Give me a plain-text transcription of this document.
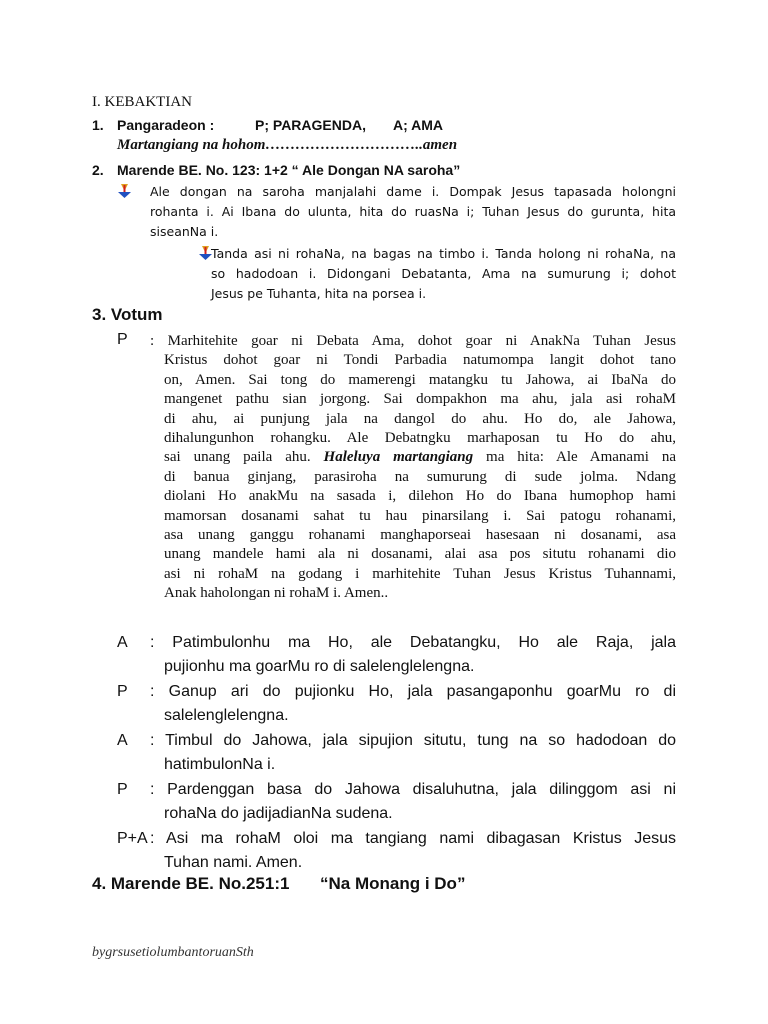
I. KEBAKTIAN
1. Pangaradeon :	P; PARAGENDA, A; AMA
Martangiang na hohom…………………………..amen
2. Marende BE. No. 123: 1+2 “ Ale Dongan NA saroha”

Ale dongan na saroha manjalahi dame i. Dompak Jesus tapasada holongni
rohanta i. Ai Ibana do ulunta, hita do ruasNa i; Tuhan Jesus do gurunta, hita
siseanNa i.
Tanda asi ni rohaNa, na bagas na timbo i. Tanda holong ni rohaNa, na
so hadodoan i. Didongani Debatanta, Ama na sumurung i; dohot
Jesus pe Tuhanta, hita na porsea i.
3. Votum
P : Marhitehite goar ni Debata Ama, dohot goar ni AnakNa Tuhan Jesus
Kristus dohot goar ni Tondi Parbadia natumompa langit dohot tano
on, Amen. Sai tong do mamerengi matangku tu Jahowa, ai IbaNa do
mangenet pathu sian jorgong. Sai dompakhon ma ahu, jala asi rohaM
di ahu, ai punjung jala na dangol do ahu. Ho do, ale Jahowa,
dihalungunhon rohangku. Ale Debatngku marhaposan tu Ho do ahu,
sai unang paila ahu. Haleluya martangiang ma hita: Ale Amanami na
di banua ginjang, parasiroha na sumurung di sude jolma. Ndang
diolani Ho anakMu na sasada i, dilehon Ho do Ibana humophop hami
mamorsan dosanami sahat tu hau pinarsilang i. Sai patogu rohanami,
asa unang ganggu rohanami manghaporseai hasesaan ni dosanami, asa
unang mandele hami ala ni dosanami, alai asa pos situtu rohanami dio
asi ni rohaM na godang i marhitehite Tuhan Jesus Kristus Tuhannami,
Anak haholongan ni rohaM i. Amen..
A : Patimbulonhu ma Ho, ale Debatangku, Ho ale Raja, jala
pujionhu ma goarMu ro di salelenglelengna.
P : Ganup ari do pujionku Ho, jala pasangaponhu goarMu ro di
salelenglelengna.
A : Timbul do Jahowa, jala sipujion situtu, tung na so hadodoan do
hatimbulonNa i.
P : Pardenggan basa do Jahowa disaluhutna, jala dilinggom asi ni
rohaNa do jadijadianNa sudena.
P+A : Asi ma rohaM oloi ma tangiang nami dibagasan Kristus Jesus
Tuhan nami. Amen.
4. Marende BE. No.251:1 “Na Monang i Do”
bygrsusetiolumbantoruanSth
